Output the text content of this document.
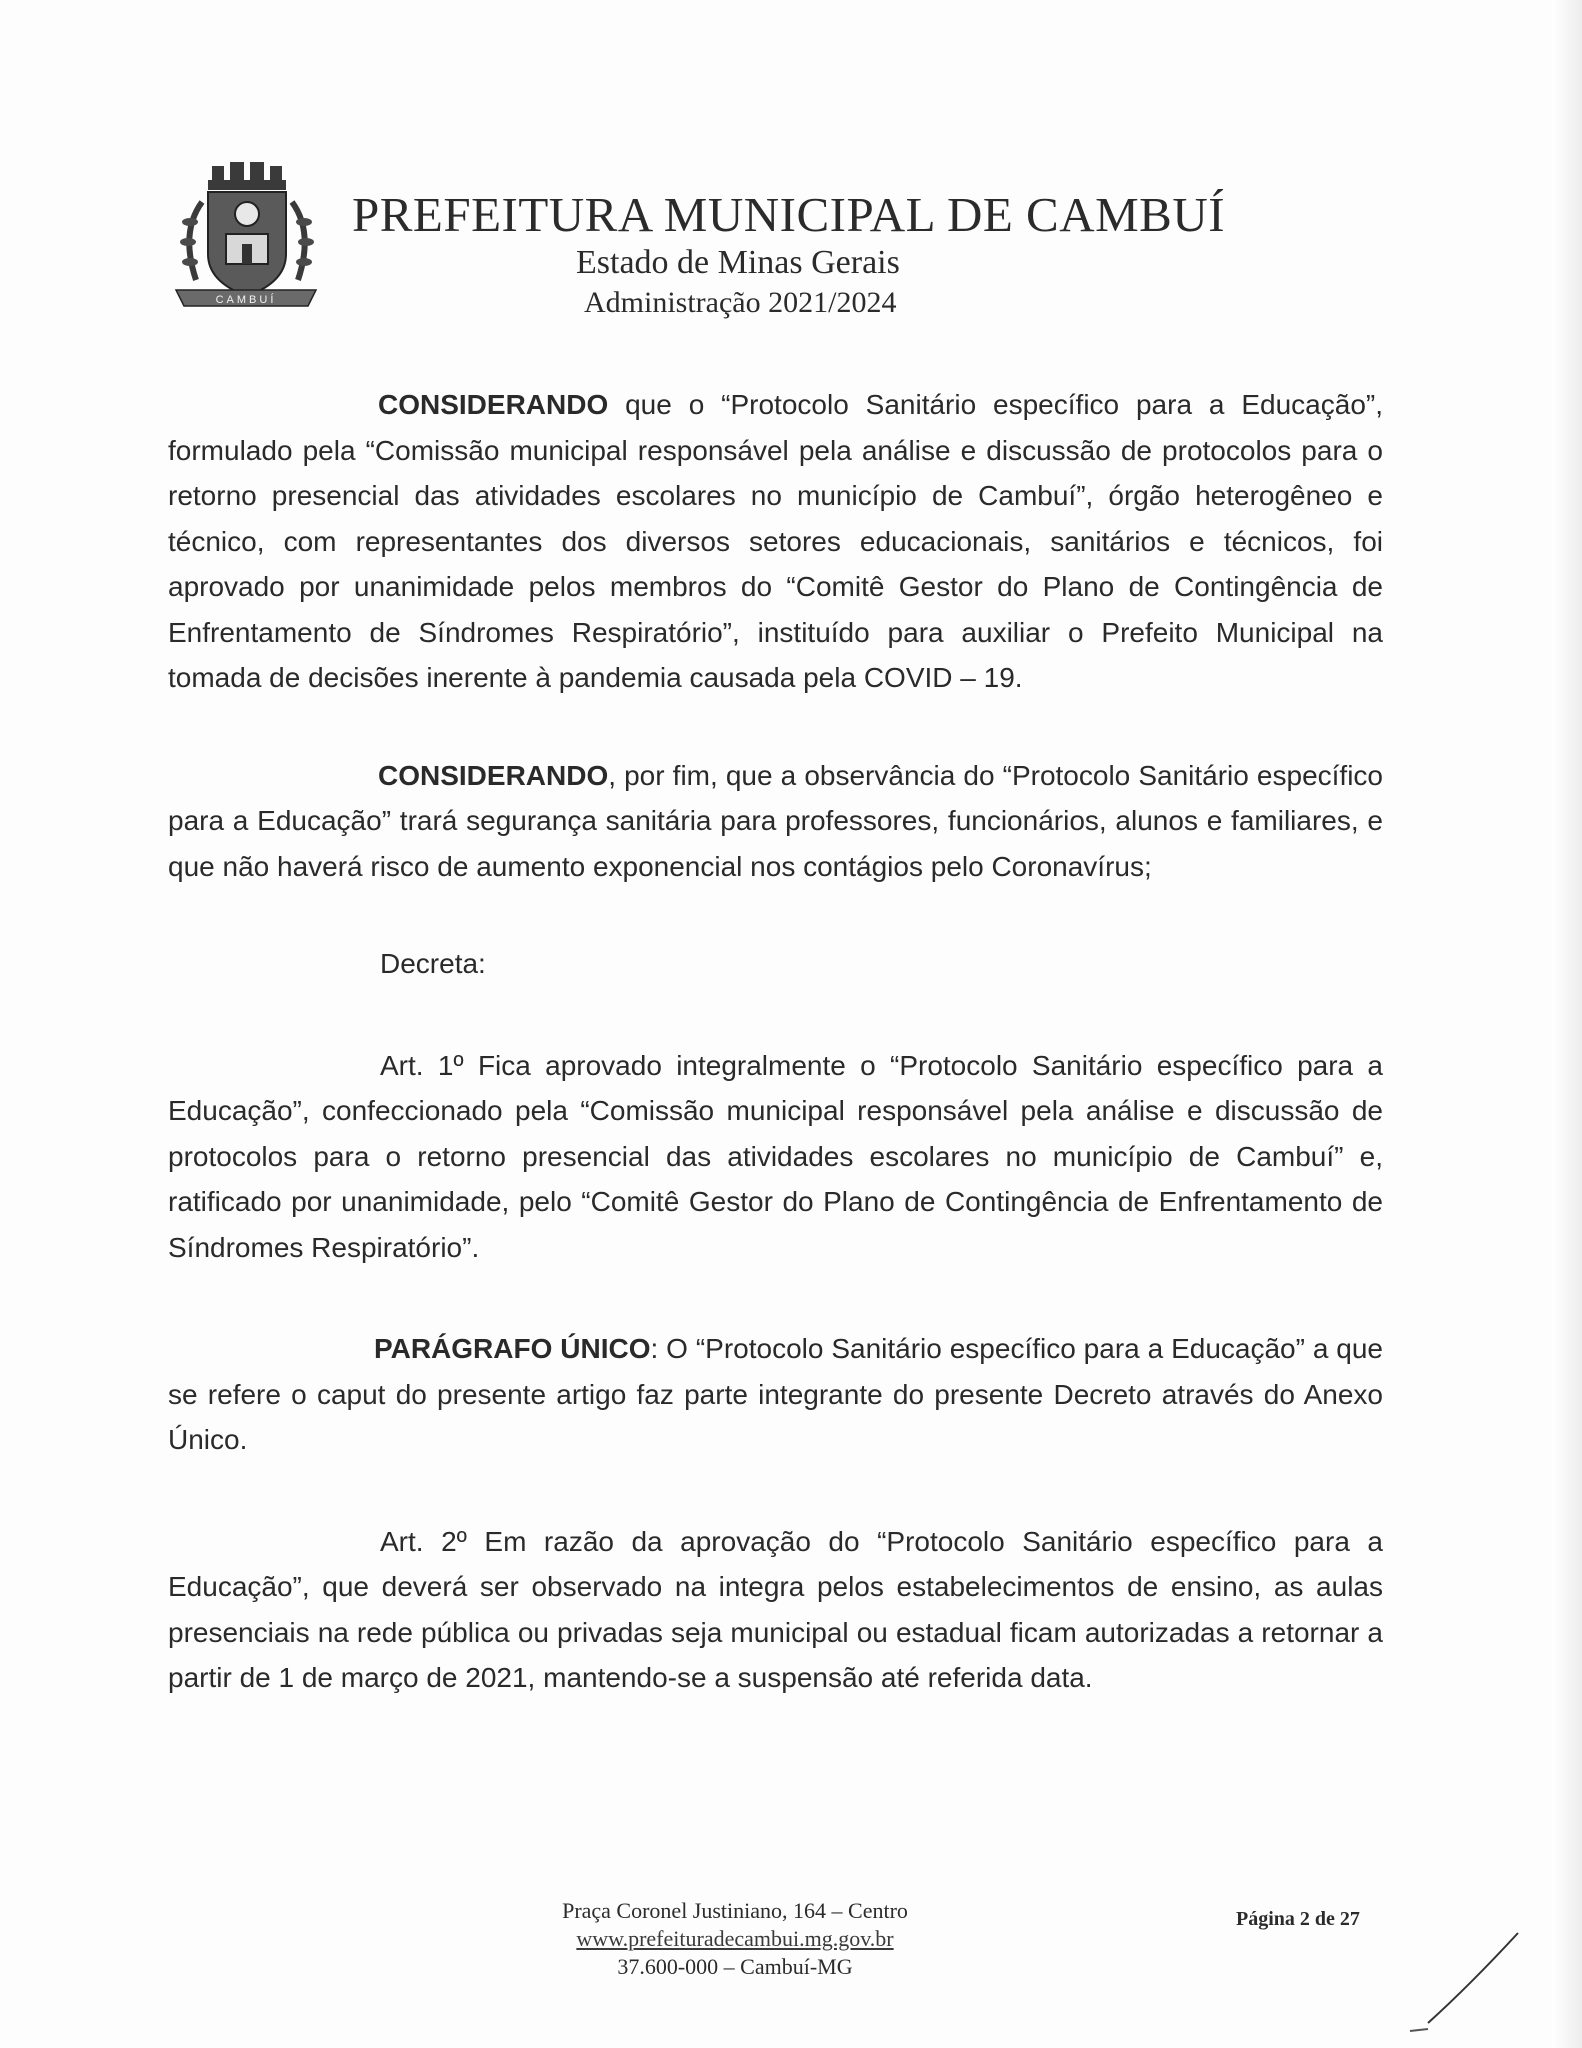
CAMBUÍ
PREFEITURA MUNICIPAL DE CAMBUÍ
Estado de Minas Gerais
Administração 2021/2024

CONSIDERANDO que o “Protocolo Sanitário específico para a Educação”, formulado pela “Comissão municipal responsável pela análise e discussão de protocolos para o retorno presencial das atividades escolares no município de Cambuí”, órgão heterogêneo e técnico, com representantes dos diversos setores educacionais, sanitários e técnicos, foi aprovado por unanimidade pelos membros do “Comitê Gestor do Plano de Contingência de Enfrentamento de Síndromes Respiratório”, instituído para auxiliar o Prefeito Municipal na tomada de decisões inerente à pandemia causada pela COVID – 19.

CONSIDERANDO, por fim, que a observância do “Protocolo Sanitário específico para a Educação” trará segurança sanitária para professores, funcionários, alunos e familiares, e que não haverá risco de aumento exponencial nos contágios pelo Coronavírus;

Decreta:

Art. 1º Fica aprovado integralmente o “Protocolo Sanitário específico para a Educação”, confeccionado pela “Comissão municipal responsável pela análise e discussão de protocolos para o retorno presencial das atividades escolares no município de Cambuí” e, ratificado por unanimidade, pelo “Comitê Gestor do Plano de Contingência de Enfrentamento de Síndromes Respiratório”.

PARÁGRAFO ÚNICO: O “Protocolo Sanitário específico para a Educação” a que se refere o caput do presente artigo faz parte integrante do presente Decreto através do Anexo Único.

Art. 2º Em razão da aprovação do “Protocolo Sanitário específico para a Educação”, que deverá ser observado na integra pelos estabelecimentos de ensino, as aulas presenciais na rede pública ou privadas seja municipal ou estadual ficam autorizadas a retornar a partir de 1 de março de 2021, mantendo-se a suspensão até referida data.

Praça Coronel Justiniano, 164 – Centro
www.prefeituradecambui.mg.gov.br
37.600-000 – Cambuí-MG
Página 2 de 27
